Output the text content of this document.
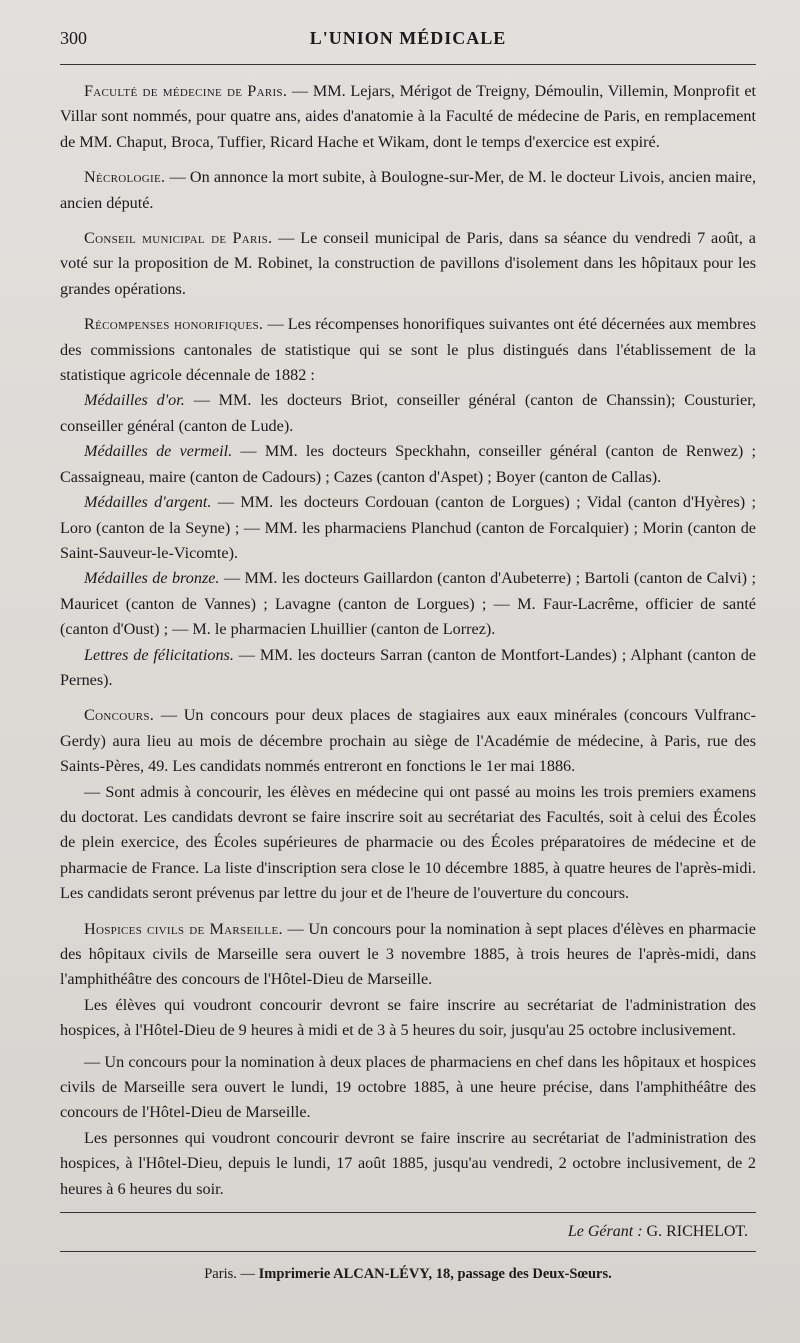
300	L'UNION MÉDICALE

Faculté de médecine de Paris. — MM. Lejars, Mérigot de Treigny, Démoulin, Villemin, Monprofit et Villar sont nommés, pour quatre ans, aides d'anatomie à la Faculté de médecine de Paris, en remplacement de MM. Chaput, Broca, Tuffier, Ricard Hache et Wikam, dont le temps d'exercice est expiré.

Nécrologie. — On annonce la mort subite, à Boulogne-sur-Mer, de M. le docteur Livois, ancien maire, ancien député.

Conseil municipal de Paris. — Le conseil municipal de Paris, dans sa séance du vendredi 7 août, a voté sur la proposition de M. Robinet, la construction de pavillons d'isolement dans les hôpitaux pour les grandes opérations.

Récompenses honorifiques. — Les récompenses honorifiques suivantes ont été décernées aux membres des commissions cantonales de statistique qui se sont le plus distingués dans l'établissement de la statistique agricole décennale de 1882 :

Médailles d'or. — MM. les docteurs Briot, conseiller général (canton de Chanssin); Cousturier, conseiller général (canton de Lude).

Médailles de vermeil. — MM. les docteurs Speckhahn, conseiller général (canton de Renwez) ; Cassaigneau, maire (canton de Cadours) ; Cazes (canton d'Aspet) ; Boyer (canton de Callas).

Médailles d'argent. — MM. les docteurs Cordouan (canton de Lorgues) ; Vidal (canton d'Hyères) ; Loro (canton de la Seyne) ; — MM. les pharmaciens Planchud (canton de Forcalquier) ; Morin (canton de Saint-Sauveur-le-Vicomte).

Médailles de bronze. — MM. les docteurs Gaillardon (canton d'Aubeterre) ; Bartoli (canton de Calvi) ; Mauricet (canton de Vannes) ; Lavagne (canton de Lorgues) ; — M. Faur-Lacrême, officier de santé (canton d'Oust) ; — M. le pharmacien Lhuillier (canton de Lorrez).

Lettres de félicitations. — MM. les docteurs Sarran (canton de Montfort-Landes) ; Alphant (canton de Pernes).

Concours. — Un concours pour deux places de stagiaires aux eaux minérales (concours Vulfranc-Gerdy) aura lieu au mois de décembre prochain au siège de l'Académie de médecine, à Paris, rue des Saints-Pères, 49. Les candidats nommés entreront en fonctions le 1er mai 1886.

— Sont admis à concourir, les élèves en médecine qui ont passé au moins les trois premiers examens du doctorat. Les candidats devront se faire inscrire soit au secrétariat des Facultés, soit à celui des Écoles de plein exercice, des Écoles supérieures de pharmacie ou des Écoles préparatoires de médecine et de pharmacie de France. La liste d'inscription sera close le 10 décembre 1885, à quatre heures de l'après-midi. Les candidats seront prévenus par lettre du jour et de l'heure de l'ouverture du concours.

Hospices civils de Marseille. — Un concours pour la nomination à sept places d'élèves en pharmacie des hôpitaux civils de Marseille sera ouvert le 3 novembre 1885, à trois heures de l'après-midi, dans l'amphithéâtre des concours de l'Hôtel-Dieu de Marseille.

Les élèves qui voudront concourir devront se faire inscrire au secrétariat de l'administration des hospices, à l'Hôtel-Dieu de 9 heures à midi et de 3 à 5 heures du soir, jusqu'au 25 octobre inclusivement.

— Un concours pour la nomination à deux places de pharmaciens en chef dans les hôpitaux et hospices civils de Marseille sera ouvert le lundi, 19 octobre 1885, à une heure précise, dans l'amphithéâtre des concours de l'Hôtel-Dieu de Marseille.

Les personnes qui voudront concourir devront se faire inscrire au secrétariat de l'administration des hospices, à l'Hôtel-Dieu, depuis le lundi, 17 août 1885, jusqu'au vendredi, 2 octobre inclusivement, de 2 heures à 6 heures du soir.

Le Gérant : G. RICHELOT.
Paris. — Imprimerie ALCAN-LÉVY, 18, passage des Deux-Sœurs.
